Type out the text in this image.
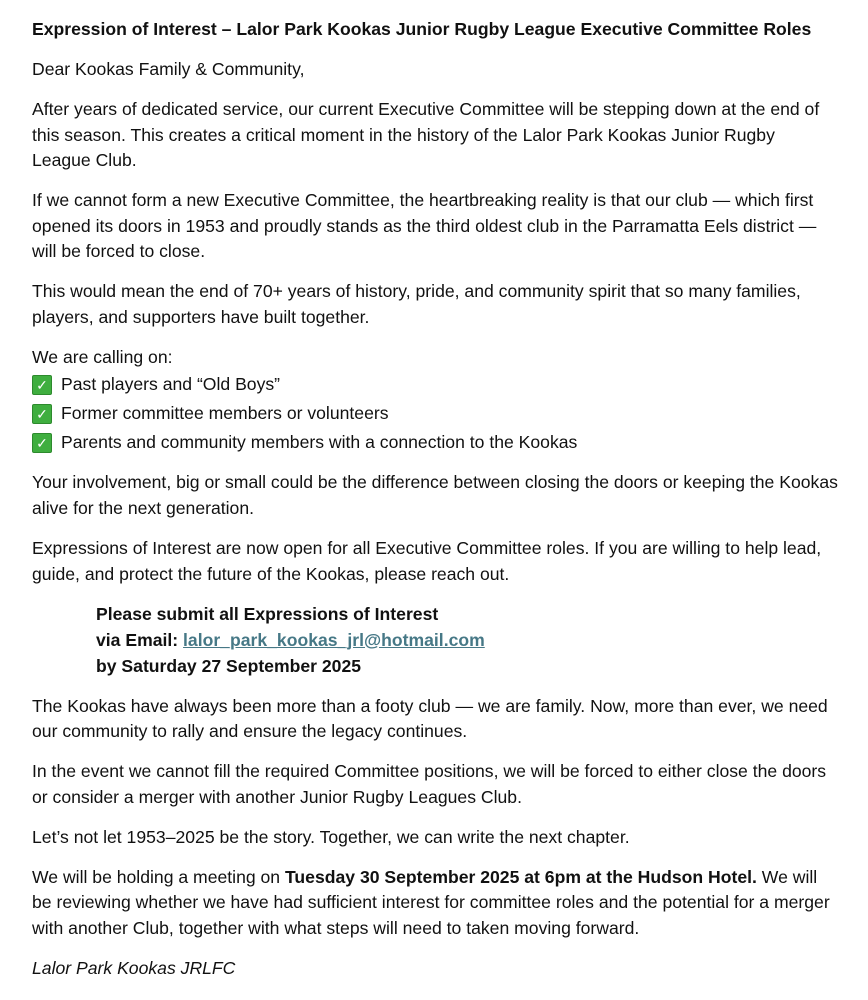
Expression of Interest – Lalor Park Kookas Junior Rugby League Executive Committee Roles

Dear Kookas Family & Community,

After years of dedicated service, our current Executive Committee will be stepping down at the end of this season. This creates a critical moment in the history of the Lalor Park Kookas Junior Rugby League Club.

If we cannot form a new Executive Committee, the heartbreaking reality is that our club — which first opened its doors in 1953 and proudly stands as the third oldest club in the Parramatta Eels district — will be forced to close.

This would mean the end of 70+ years of history, pride, and community spirit that so many families, players, and supporters have built together.

We are calling on:
✓ Past players and “Old Boys”
✓ Former committee members or volunteers
✓ Parents and community members with a connection to the Kookas

Your involvement, big or small could be the difference between closing the doors or keeping the Kookas alive for the next generation.

Expressions of Interest are now open for all Executive Committee roles. If you are willing to help lead, guide, and protect the future of the Kookas, please reach out.

Please submit all Expressions of Interest
via Email: lalor_park_kookas_jrl@hotmail.com
by Saturday 27 September 2025

The Kookas have always been more than a footy club — we are family. Now, more than ever, we need our community to rally and ensure the legacy continues.

In the event we cannot fill the required Committee positions, we will be forced to either close the doors or consider a merger with another Junior Rugby Leagues Club.

Let’s not let 1953–2025 be the story. Together, we can write the next chapter.

We will be holding a meeting on Tuesday 30 September 2025 at 6pm at the Hudson Hotel. We will be reviewing whether we have had sufficient interest for committee roles and the potential for a merger with another Club, together with what steps will need to taken moving forward.

Lalor Park Kookas JRLFC
